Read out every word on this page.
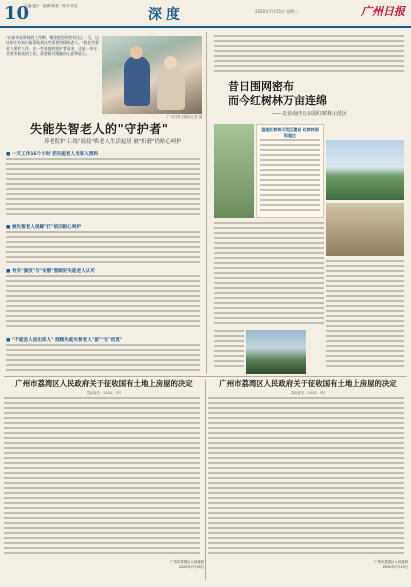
10
主编:盛兴 · 编辑:陈欢 · 校对:刘灵
深度	2020年7月15日 星期三	广州日报
"以前年轻时候的工作啊，哪里能想到会有这么一天，以往的专业知识能帮助到这些需要照顾的老人。"担任失智老人照护工作，在一些家庭的照护者看来，这是一项专业要求极高的工作，需要极其细腻的心思和爱心。
广州日报全媒体记者 摄
失能失智老人的"守护者"
养老院护工:练"演技"哄老人生活起居 被"折磨"仍贴心呵护
■ 一天工作16个小时 把失能老人当家人照料
■ 被失智老人误解"打"依旧耐心呵护
■ 有关"演技"与"安慰"照顾好失能老人认可
■ "不能丢人进出家人" 照顾失能失智老人"留""无"初衷"
昔日围网密布
而今红树林万亩连绵
——走访南沙万亩湿红树林示范区
湿地红树林示范区建设 红树林面积超过
广州市荔湾区人民政府关于征收国有土地上房屋的决定
荔府征决〔2020〕2号
广州市荔湾区人民政府
2020年7月15日
广州市荔湾区人民政府关于征收国有土地上房屋的决定
荔府征决〔2020〕3号
广州市荔湾区人民政府
2020年7月15日
